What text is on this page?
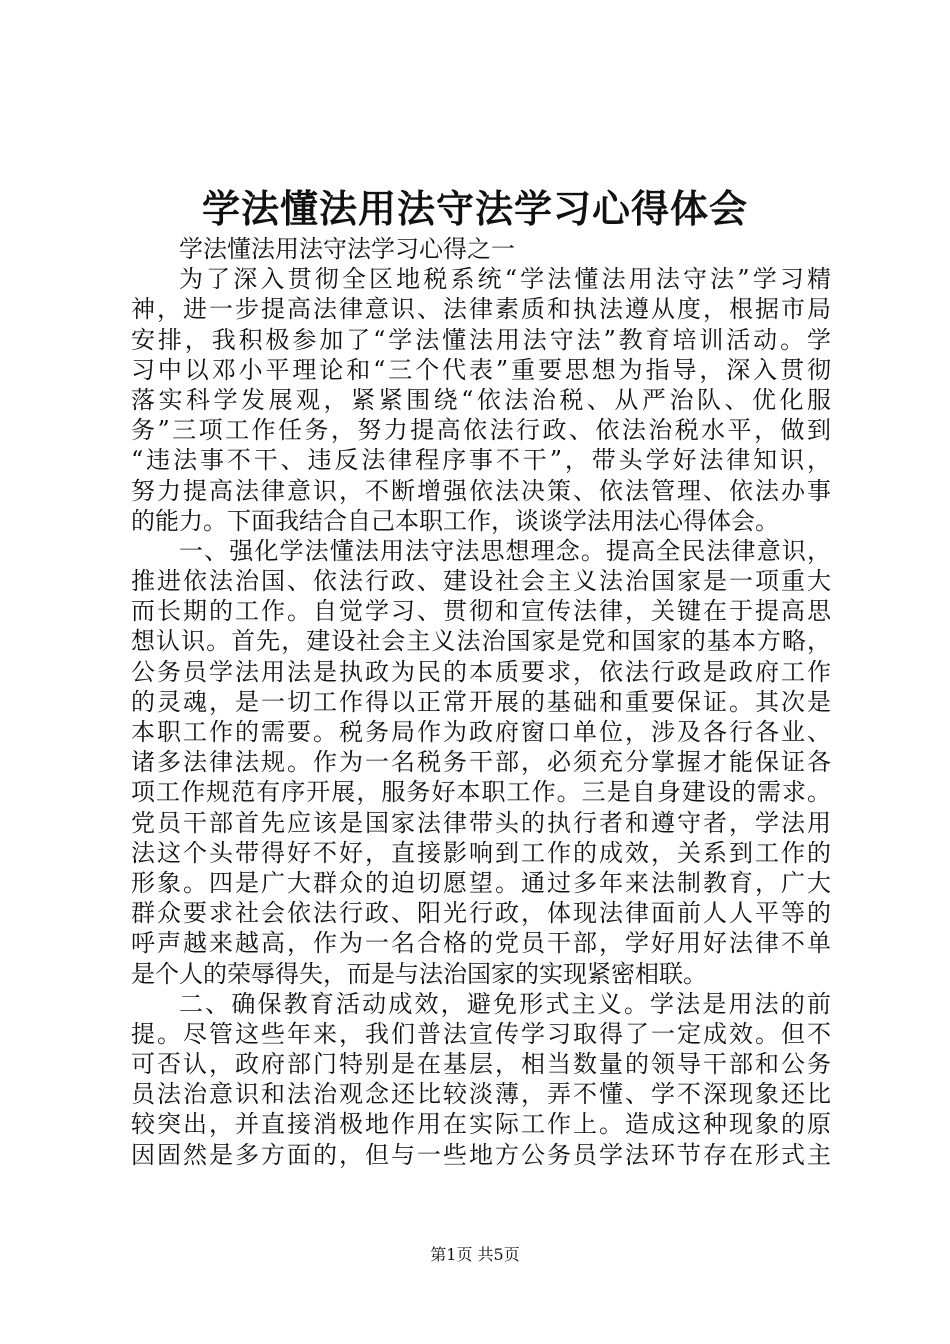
学法懂法用法守法学习心得体会
学法懂法用法守法学习心得之一
为了深入贯彻全区地税系统“学法懂法用法守法”学习精
神，进一步提高法律意识、法律素质和执法遵从度，根据市局
安排，我积极参加了“学法懂法用法守法”教育培训活动。学
习中以邓小平理论和“三个代表”重要思想为指导，深入贯彻
落实科学发展观，紧紧围绕“依法治税、从严治队、优化服
务”三项工作任务，努力提高依法行政、依法治税水平，做到
“违法事不干、违反法律程序事不干”，带头学好法律知识，
努力提高法律意识，不断增强依法决策、依法管理、依法办事
的能力。下面我结合自己本职工作，谈谈学法用法心得体会。
一、强化学法懂法用法守法思想理念。提高全民法律意识，
推进依法治国、依法行政、建设社会主义法治国家是一项重大
而长期的工作。自觉学习、贯彻和宣传法律，关键在于提高思
想认识。首先，建设社会主义法治国家是党和国家的基本方略，
公务员学法用法是执政为民的本质要求，依法行政是政府工作
的灵魂，是一切工作得以正常开展的基础和重要保证。其次是
本职工作的需要。税务局作为政府窗口单位，涉及各行各业、
诸多法律法规。作为一名税务干部，必须充分掌握才能保证各
项工作规范有序开展，服务好本职工作。三是自身建设的需求。
党员干部首先应该是国家法律带头的执行者和遵守者，学法用
法这个头带得好不好，直接影响到工作的成效，关系到工作的
形象。四是广大群众的迫切愿望。通过多年来法制教育，广大
群众要求社会依法行政、阳光行政，体现法律面前人人平等的
呼声越来越高，作为一名合格的党员干部，学好用好法律不单
是个人的荣辱得失，而是与法治国家的实现紧密相联。
二、确保教育活动成效，避免形式主义。学法是用法的前
提。尽管这些年来，我们普法宣传学习取得了一定成效。但不
可否认，政府部门特别是在基层，相当数量的领导干部和公务
员法治意识和法治观念还比较淡薄，弄不懂、学不深现象还比
较突出，并直接消极地作用在实际工作上。造成这种现象的原
因固然是多方面的，但与一些地方公务员学法环节存在形式主
第1页 共5页
